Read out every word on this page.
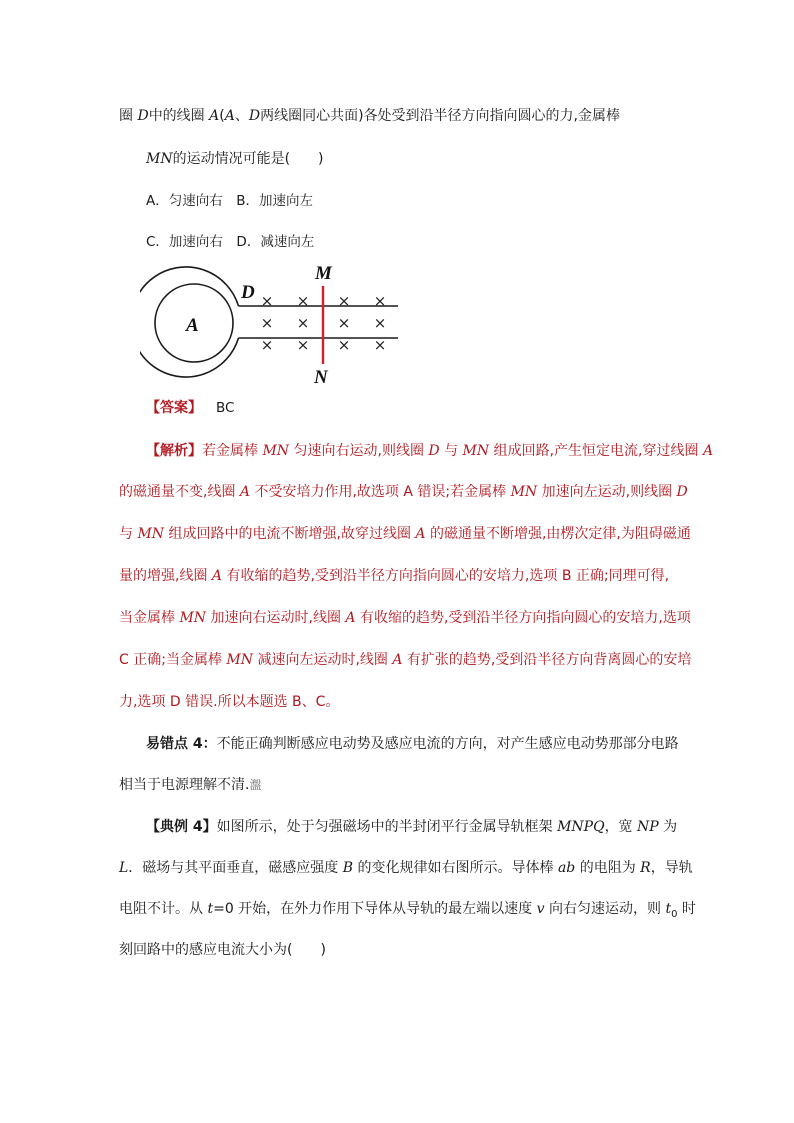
圈 D中的线圈 A(A、D两线圈同心共面)各处受到沿半径方向指向圆心的力,金属棒
MN的运动情况可能是(　　)
A．匀速向右　B．加速向左
C．加速向右　D．减速向左
A
D
M
N
× × × ×
× × × ×
× × × ×
【答案】 BC
【解析】若金属棒 MN 匀速向右运动,则线圈 D 与 MN 组成回路,产生恒定电流,穿过线圈 A
的磁通量不变,线圈 A 不受安培力作用,故选项 A 错误;若金属棒 MN 加速向左运动,则线圈 D
与 MN 组成回路中的电流不断增强,故穿过线圈 A 的磁通量不断增强,由楞次定律,为阻碍磁通
量的增强,线圈 A 有收缩的趋势,受到沿半径方向指向圆心的安培力,选项 B 正确;同理可得,
当金属棒 MN 加速向右运动时,线圈 A 有收缩的趋势,受到沿半径方向指向圆心的安培力,选项
C 正确;当金属棒 MN 减速向左运动时,线圈 A 有扩张的趋势,受到沿半径方向背离圆心的安培
力,选项 D 错误.所以本题选 B、C。
易错点 4：不能正确判断感应电动势及感应电流的方向，对产生感应电动势那部分电路
相当于电源理解不清.瀊
【典例 4】如图所示，处于匀强磁场中的半封闭平行金属导轨框架 MNPQ，宽 NP 为
L．磁场与其平面垂直，磁感应强度 B 的变化规律如右图所示。导体棒 ab 的电阻为 R，导轨
电阻不计。从 t=0 开始，在外力作用下导体从导轨的最左端以速度 v 向右匀速运动，则 $t_0$ 时
刻回路中的感应电流大小为(　　)
